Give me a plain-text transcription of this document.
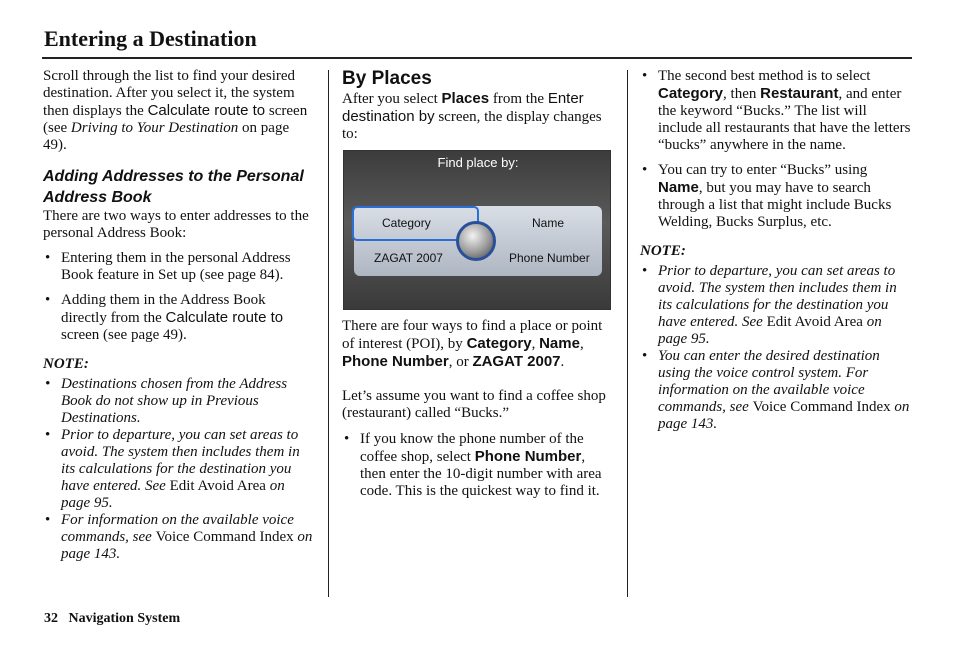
Entering a Destination

Scroll through the list to find your desired destination. After you select it, the system then displays the Calculate route to screen (see Driving to Your Destination on page 49).

Adding Addresses to the Personal Address Book

There are two ways to enter addresses to the personal Address Book:

• Entering them in the personal Address Book feature in Set up (see page 84).
• Adding them in the Address Book directly from the Calculate route to screen (see page 49).
NOTE:
• Destinations chosen from the Address Book do not show up in Previous Destinations.
• Prior to departure, you can set areas to avoid. The system then includes them in its calculations for the destination you have entered. See Edit Avoid Area on page 95.
• For information on the available voice commands, see Voice Command Index on page 143.
By Places

After you select Places from the Enter destination by screen, the display changes to:

Find place by:
Category	Name
ZAGAT 2007	Phone Number

There are four ways to find a place or point of interest (POI), by Category, Name, Phone Number, or ZAGAT 2007.

Let’s assume you want to find a coffee shop (restaurant) called “Bucks.”

• If you know the phone number of the coffee shop, select Phone Number, then enter the 10-digit number with area code. This is the quickest way to find it.
• The second best method is to select Category, then Restaurant, and enter the keyword “Bucks.” The list will include all restaurants that have the letters “bucks” anywhere in the name.
• You can try to enter “Bucks” using Name, but you may have to search through a list that might include Bucks Welding, Bucks Surplus, etc.
NOTE:
• Prior to departure, you can set areas to avoid. The system then includes them in its calculations for the destination you have entered. See Edit Avoid Area on page 95.
• You can enter the desired destination using the voice control system. For information on the available voice commands, see Voice Command Index on page 143.
32 Navigation System
